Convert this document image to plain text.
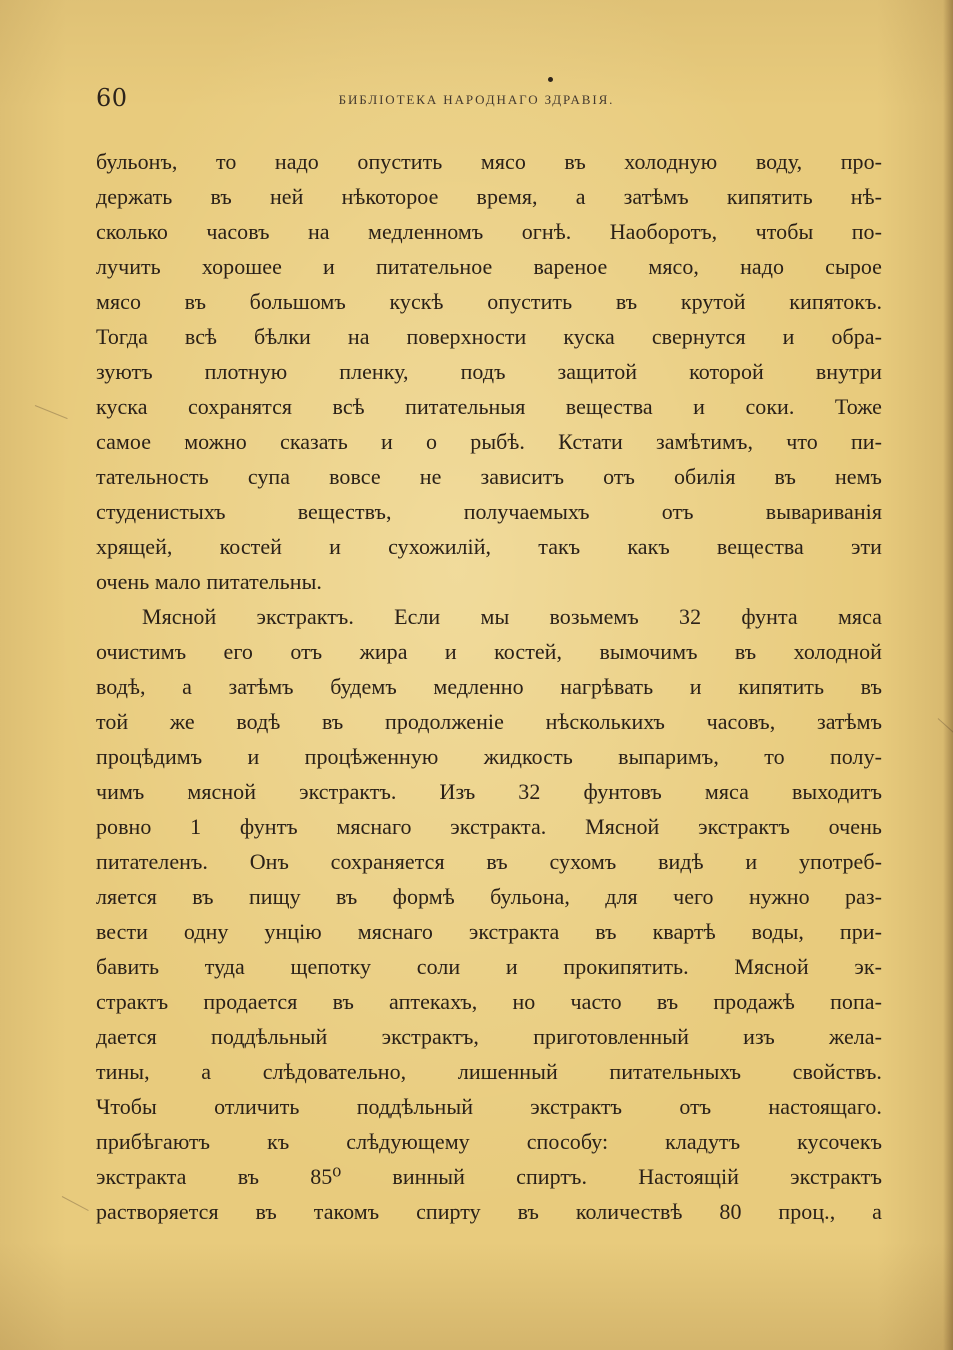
60	БИБЛІОТЕКА НАРОДНАГО ЗДРАВІЯ.
бульонъ, то надо опустить мясо въ холодную воду, про-
держать въ ней нѣкоторое время, а затѣмъ кипятить нѣ-
сколько часовъ на медленномъ огнѣ. Наоборотъ, чтобы по-
лучить хорошее и питательное вареное мясо, надо сырое
мясо въ большомъ кускѣ опустить въ крутой кипятокъ.
Тогда всѣ бѣлки на поверхности куска свернутся и обра-
зуютъ плотную пленку, подъ защитой которой внутри
куска сохранятся всѣ питательныя вещества и соки. Тоже
самое можно сказать и о рыбѣ. Кстати замѣтимъ, что пи-
тательность супа вовсе не зависитъ отъ обилія въ немъ
студенистыхъ веществъ, получаемыхъ отъ вывариванія
хрящей, костей и сухожилій, такъ какъ вещества эти
очень мало питательны.
Мясной экстрактъ. Если мы возьмемъ 32 фунта мяса
очистимъ его отъ жира и костей, вымочимъ въ холодной
водѣ, а затѣмъ будемъ медленно нагрѣвать и кипятить въ
той же водѣ въ продолженіе нѣсколькихъ часовъ, затѣмъ
процѣдимъ и процѣженную жидкость выпаримъ, то полу-
чимъ мясной экстрактъ. Изъ 32 фунтовъ мяса выходитъ
ровно 1 фунтъ мяснаго экстракта. Мясной экстрактъ очень
питателенъ. Онъ сохраняется въ сухомъ видѣ и употреб-
ляется въ пищу въ формѣ бульона, для чего нужно раз-
вести одну унцію мяснаго экстракта въ квартѣ воды, при-
бавить туда щепотку соли и прокипятить. Мясной эк-
страктъ продается въ аптекахъ, но часто въ продажѣ попа-
дается поддѣльный экстрактъ, приготовленный изъ жела-
тины, а слѣдовательно, лишенный питательныхъ свойствъ.
Чтобы отличить поддѣльный экстрактъ отъ настоящаго.
прибѣгаютъ къ слѣдующему способу: кладутъ кусочекъ
экстракта въ 85⁰ винный спиртъ. Настоящій экстрактъ
растворяется въ такомъ спирту въ количествѣ 80 проц., а
